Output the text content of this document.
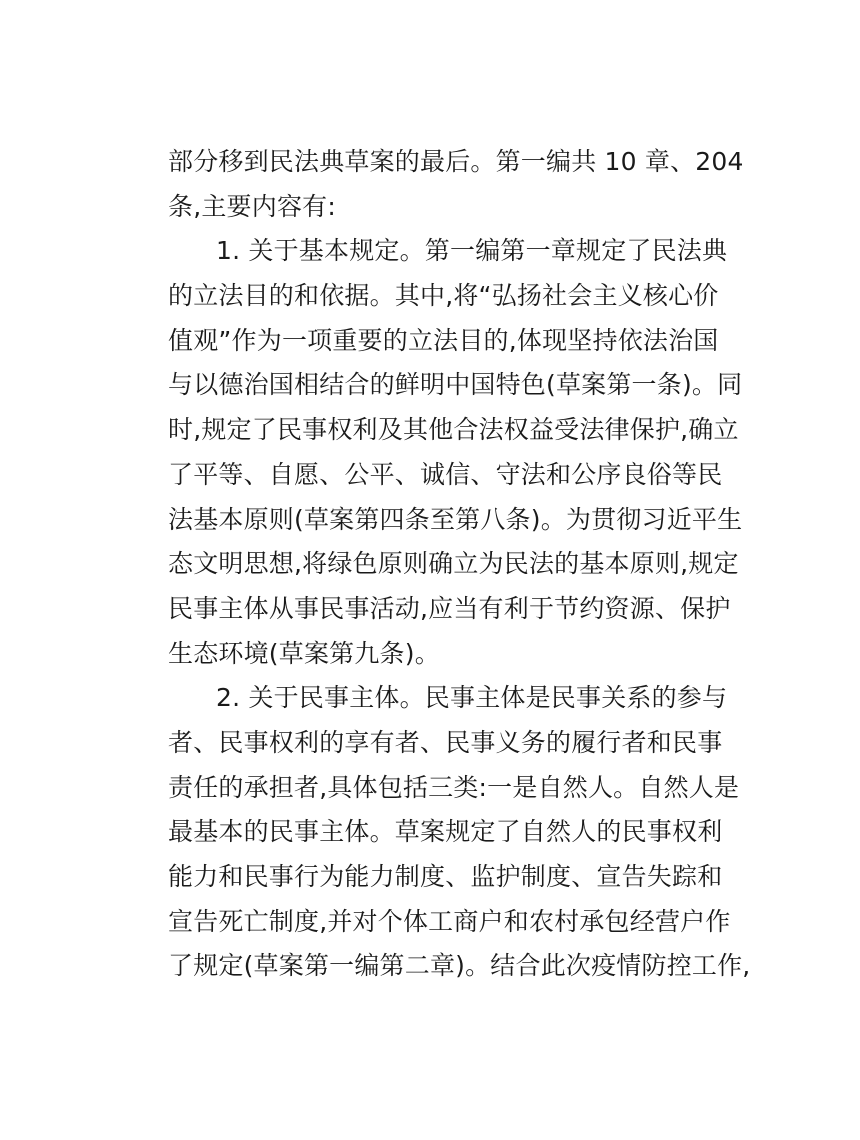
部分移到民法典草案的最后。第一编共 10 章、204
条,主要内容有:
1. 关于基本规定。第一编第一章规定了民法典
的立法目的和依据。其中,将“弘扬社会主义核心价
值观”作为一项重要的立法目的,体现坚持依法治国
与以德治国相结合的鲜明中国特色(草案第一条)。同
时,规定了民事权利及其他合法权益受法律保护,确立
了平等、自愿、公平、诚信、守法和公序良俗等民
法基本原则(草案第四条至第八条)。为贯彻习近平生
态文明思想,将绿色原则确立为民法的基本原则,规定
民事主体从事民事活动,应当有利于节约资源、保护
生态环境(草案第九条)。
2. 关于民事主体。民事主体是民事关系的参与
者、民事权利的享有者、民事义务的履行者和民事
责任的承担者,具体包括三类:一是自然人。自然人是
最基本的民事主体。草案规定了自然人的民事权利
能力和民事行为能力制度、监护制度、宣告失踪和
宣告死亡制度,并对个体工商户和农村承包经营户作
了规定(草案第一编第二章)。结合此次疫情防控工作,
